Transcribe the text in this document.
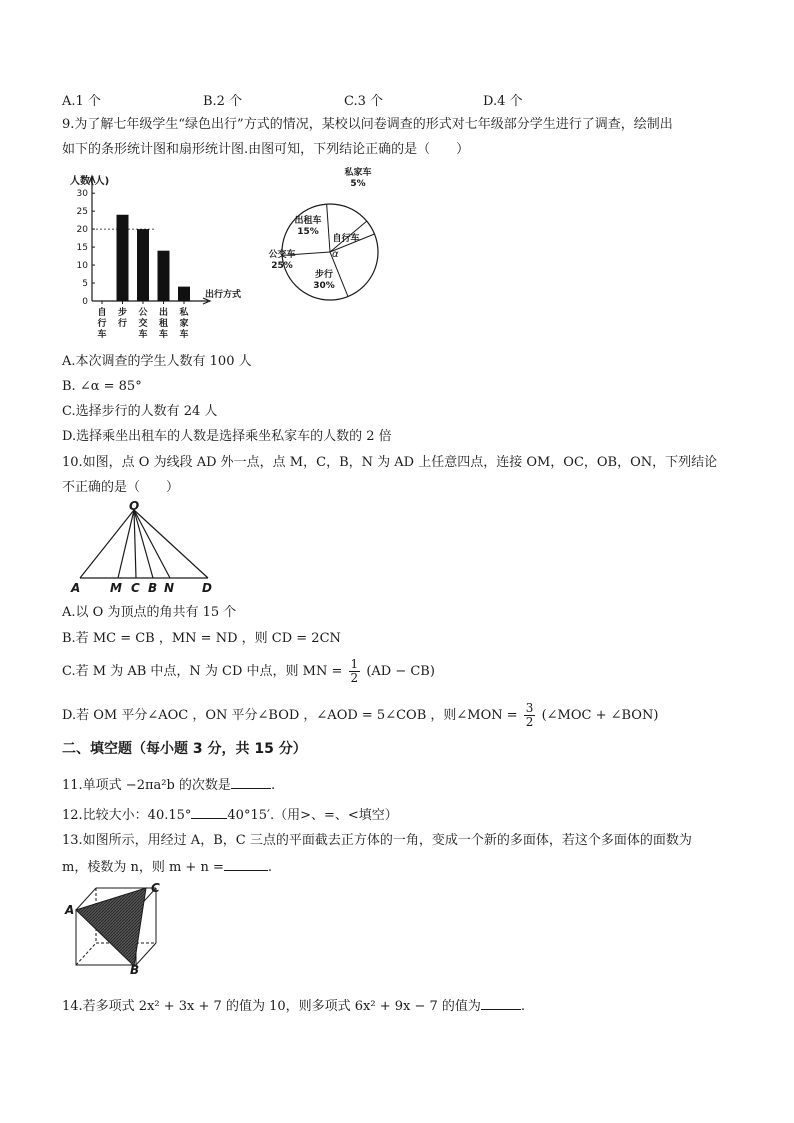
A.1 个	B.2 个	C.3 个	D.4 个
9.为了解七年级学生“绿色出行”方式的情况，某校以问卷调查的形式对七年级部分学生进行了调查，绘制出
如下的条形统计图和扇形统计图.由图可知，下列结论正确的是（　　）
人数(人)
出行方式
0
5
10
15
20
25
30
自
行
车
步
行
公
交
车
出
租
车
私
家
车
私家车
5%
自行车
步行
30%
公交车
25%
出租车
15%
α
A.本次调查的学生人数有 100 人
B. ∠α = 85°
C.选择步行的人数有 24 人
D.选择乘坐出租车的人数是选择乘坐私家车的人数的 2 倍
10.如图，点 O 为线段 AD 外一点，点 M，C，B，N 为 AD 上任意四点，连接 OM，OC，OB，ON，下列结论
不正确的是（　　）
O
A M C B N D
A.以 O 为顶点的角共有 15 个
B.若 MC = CB ，MN = ND ，则 CD = 2CN
C.若 M 为 AB 中点，N 为 CD 中点，则 MN = $\frac{1}{2} (AD - CB)$
D.若 OM 平分∠AOC ，ON 平分∠BOD ，∠AOD = 5∠COB ，则∠MON = $\frac{3}{2}$ (∠MOC + ∠BON)
二、填空题（每小题 3 分，共 15 分）
11.单项式 −2πa²b 的次数是	.
12.比较大小：40.15°	40°15′.（用>、=、<填空）
13.如图所示，用经过 A，B，C 三点的平面截去正方体的一角，变成一个新的多面体，若这个多面体的面数为
m，棱数为 n，则 m + n =	.
A
B
C
14.若多项式 2x² + 3x + 7 的值为 10，则多项式 6x² + 9x − 7 的值为	.
